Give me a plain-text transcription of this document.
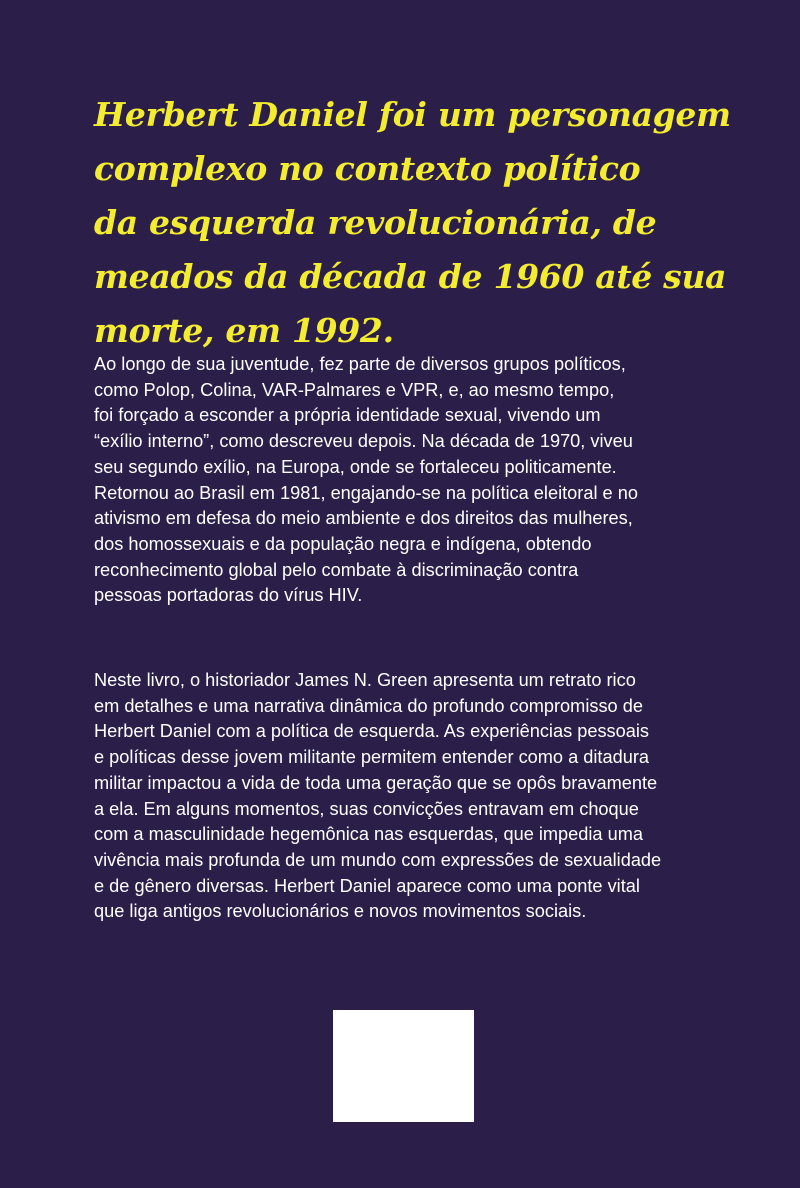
Herbert Daniel foi um personagem
complexo no contexto político
da esquerda revolucionária, de
meados da década de 1960 até sua
morte, em 1992.

Ao longo de sua juventude, fez parte de diversos grupos políticos,
como Polop, Colina, VAR-Palmares e VPR, e, ao mesmo tempo,
foi forçado a esconder a própria identidade sexual, vivendo um
“exílio interno”, como descreveu depois. Na década de 1970, viveu
seu segundo exílio, na Europa, onde se fortaleceu politicamente.
Retornou ao Brasil em 1981, engajando-se na política eleitoral e no
ativismo em defesa do meio ambiente e dos direitos das mulheres,
dos homossexuais e da população negra e indígena, obtendo
reconhecimento global pelo combate à discriminação contra
pessoas portadoras do vírus HIV.

Neste livro, o historiador James N. Green apresenta um retrato rico
em detalhes e uma narrativa dinâmica do profundo compromisso de
Herbert Daniel com a política de esquerda. As experiências pessoais
e políticas desse jovem militante permitem entender como a ditadura
militar impactou a vida de toda uma geração que se opôs bravamente
a ela. Em alguns momentos, suas convicções entravam em choque
com a masculinidade hegemônica nas esquerdas, que impedia uma
vivência mais profunda de um mundo com expressões de sexualidade
e de gênero diversas. Herbert Daniel aparece como uma ponte vital
que liga antigos revolucionários e novos movimentos sociais.
